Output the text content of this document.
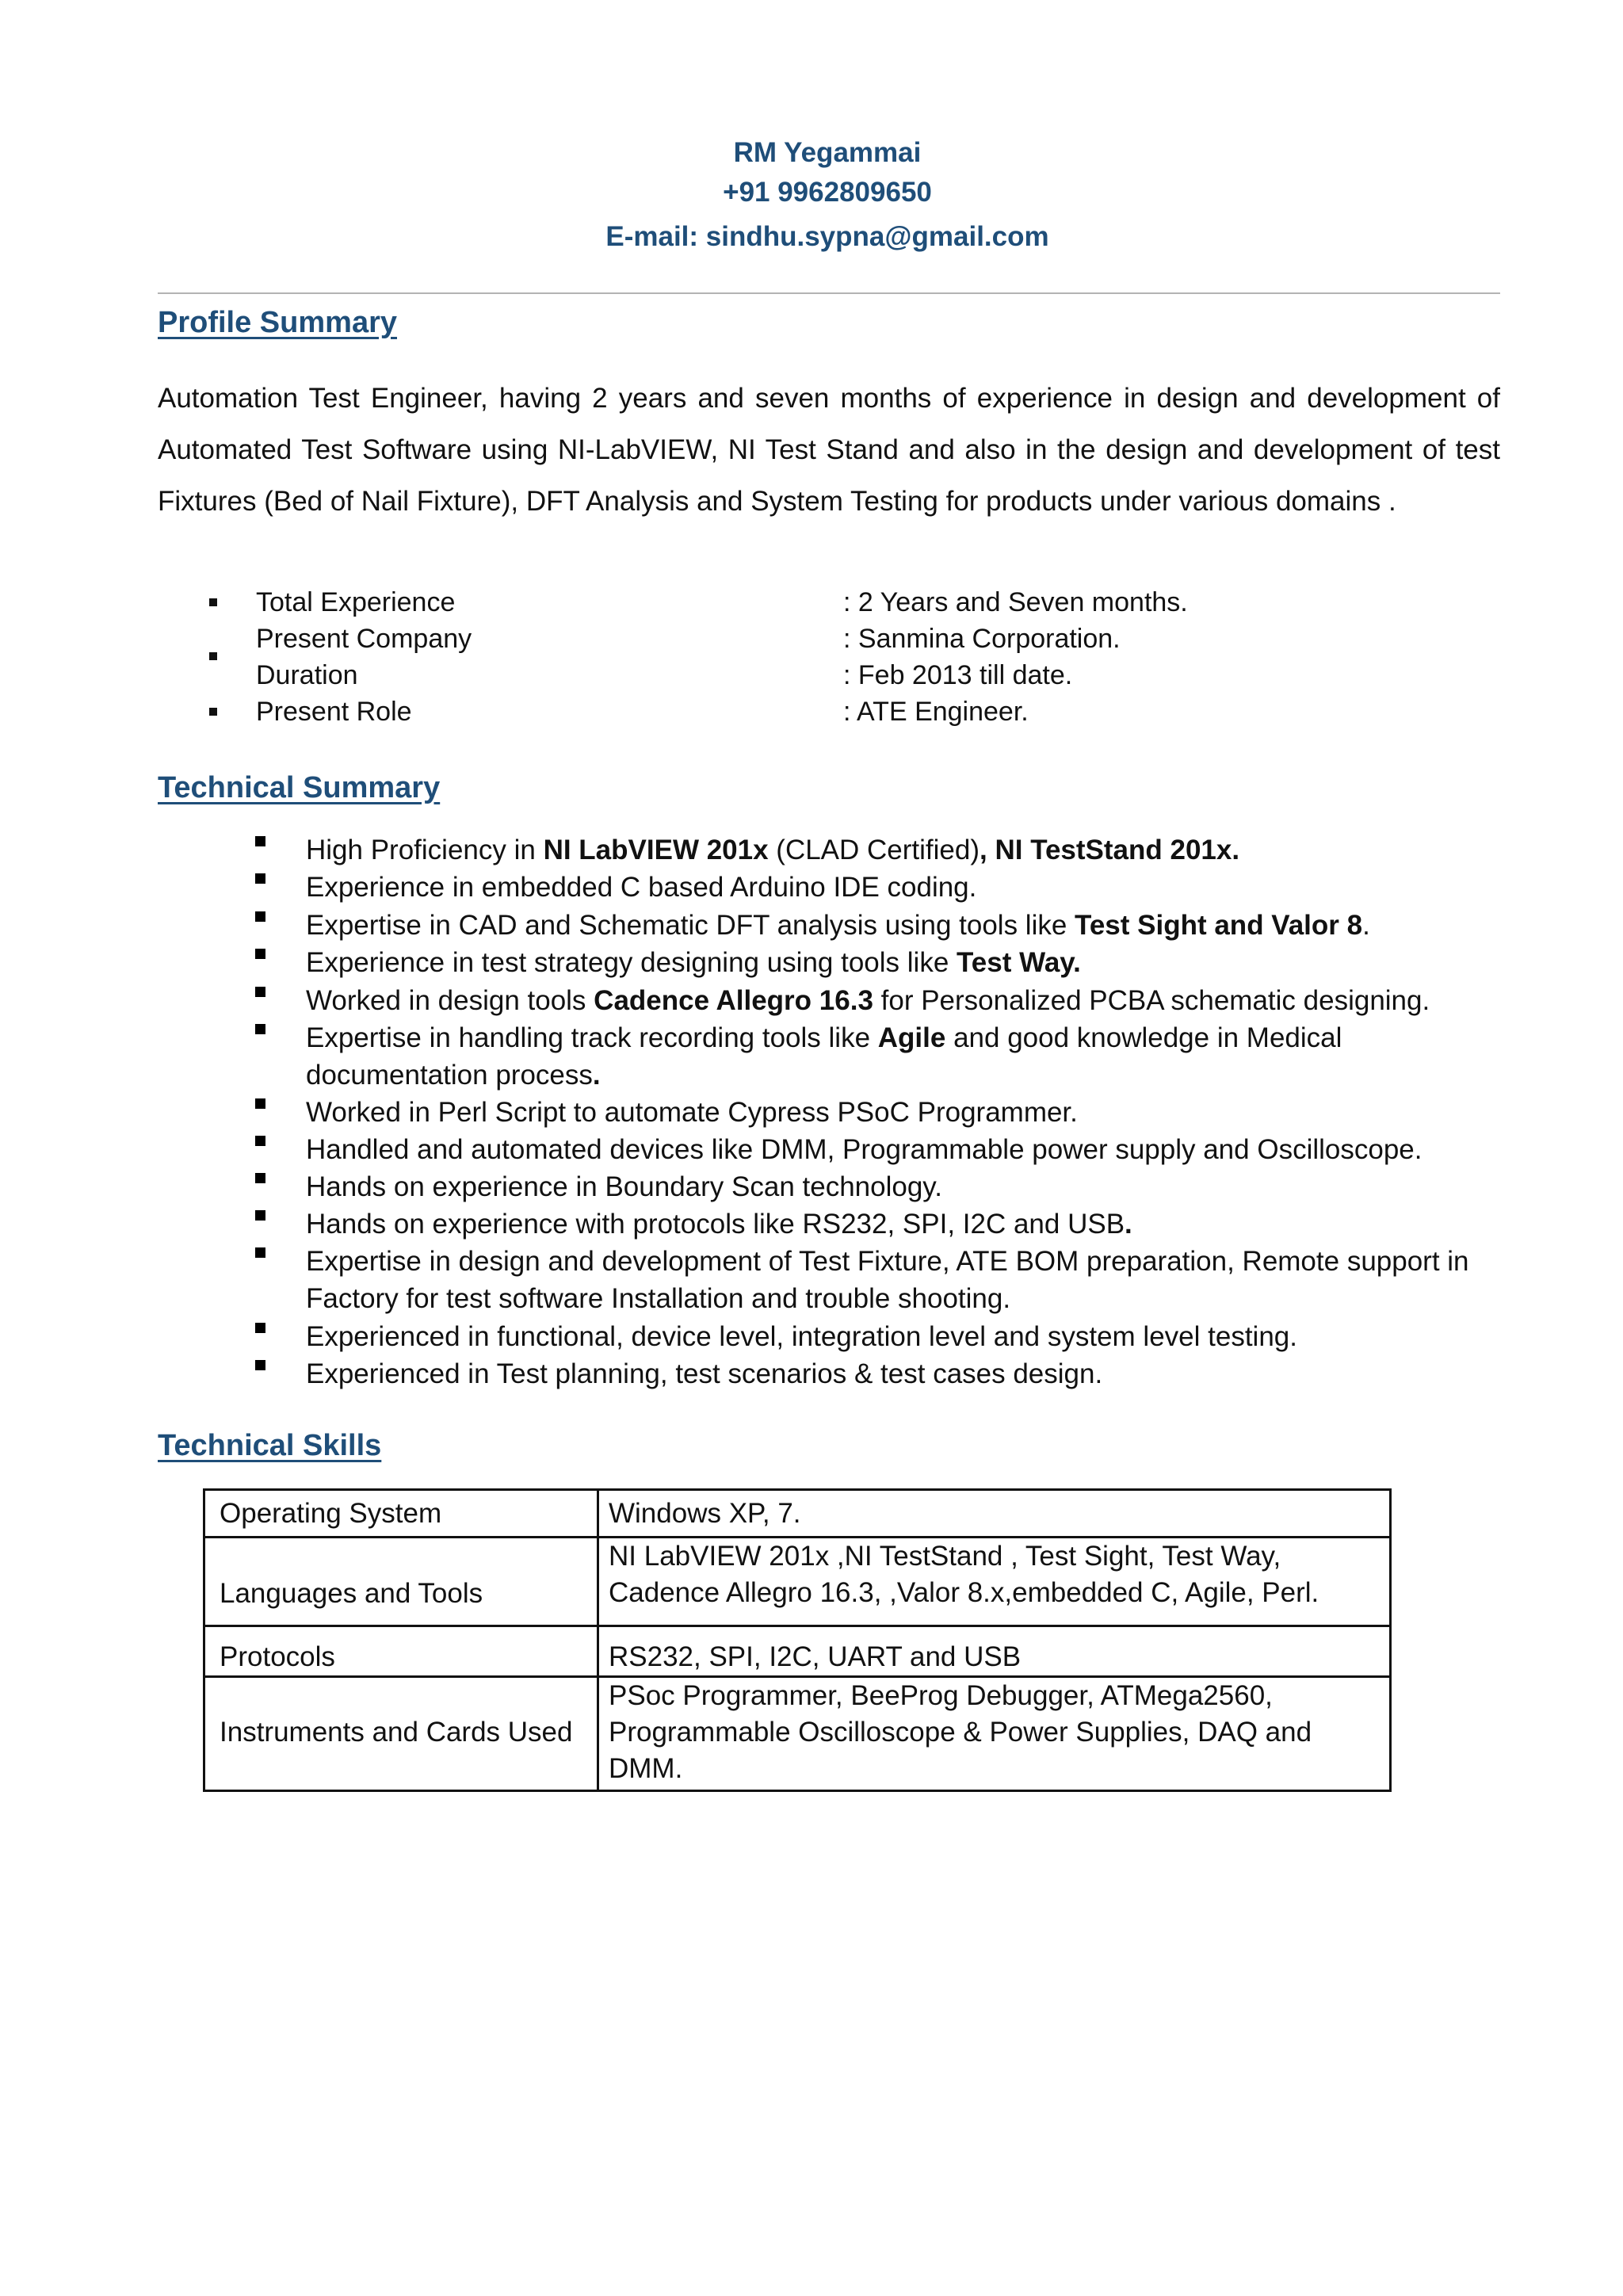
RM Yegammai
+91 9962809650
E-mail: sindhu.sypna@gmail.com
Profile Summary
Automation Test Engineer, having 2 years and seven months of experience in design and development of Automated Test Software using NI-LabVIEW, NI Test Stand and also in the design and development of test Fixtures (Bed of Nail Fixture), DFT Analysis and System Testing for products under various domains .
Total Experience	: 2 Years and Seven months.
Present Company	: Sanmina Corporation.
Duration	: Feb 2013 till date.
Present Role	: ATE Engineer.
Technical Summary
High Proficiency in NI LabVIEW 201x (CLAD Certified), NI TestStand 201x.
Experience in embedded C based Arduino IDE coding.
Expertise in CAD and Schematic DFT analysis using tools like Test Sight and Valor 8.
Experience in test strategy designing using tools like Test Way.
Worked in design tools Cadence Allegro 16.3 for Personalized PCBA schematic designing.
Expertise in handling track recording tools like Agile and good knowledge in Medical documentation process.
Worked in Perl Script to automate Cypress PSoC Programmer.
Handled and automated devices like DMM, Programmable power supply and Oscilloscope.
Hands on experience in Boundary Scan technology.
Hands on experience with protocols like RS232, SPI, I2C and USB.
Expertise in design and development of Test Fixture, ATE BOM preparation, Remote support in Factory for test software Installation and trouble shooting.
Experienced in functional, device level, integration level and system level testing.
Experienced in Test planning, test scenarios & test cases design.
Technical Skills
Operating System	Windows XP, 7.
Languages and Tools	NI LabVIEW 201x ,NI TestStand , Test Sight, Test Way, Cadence Allegro 16.3, ,Valor 8.x,embedded C, Agile, Perl.
Protocols	RS232, SPI, I2C, UART and USB
Instruments and Cards Used	PSoc Programmer, BeeProg Debugger, ATMega2560, Programmable Oscilloscope & Power Supplies, DAQ and DMM.
